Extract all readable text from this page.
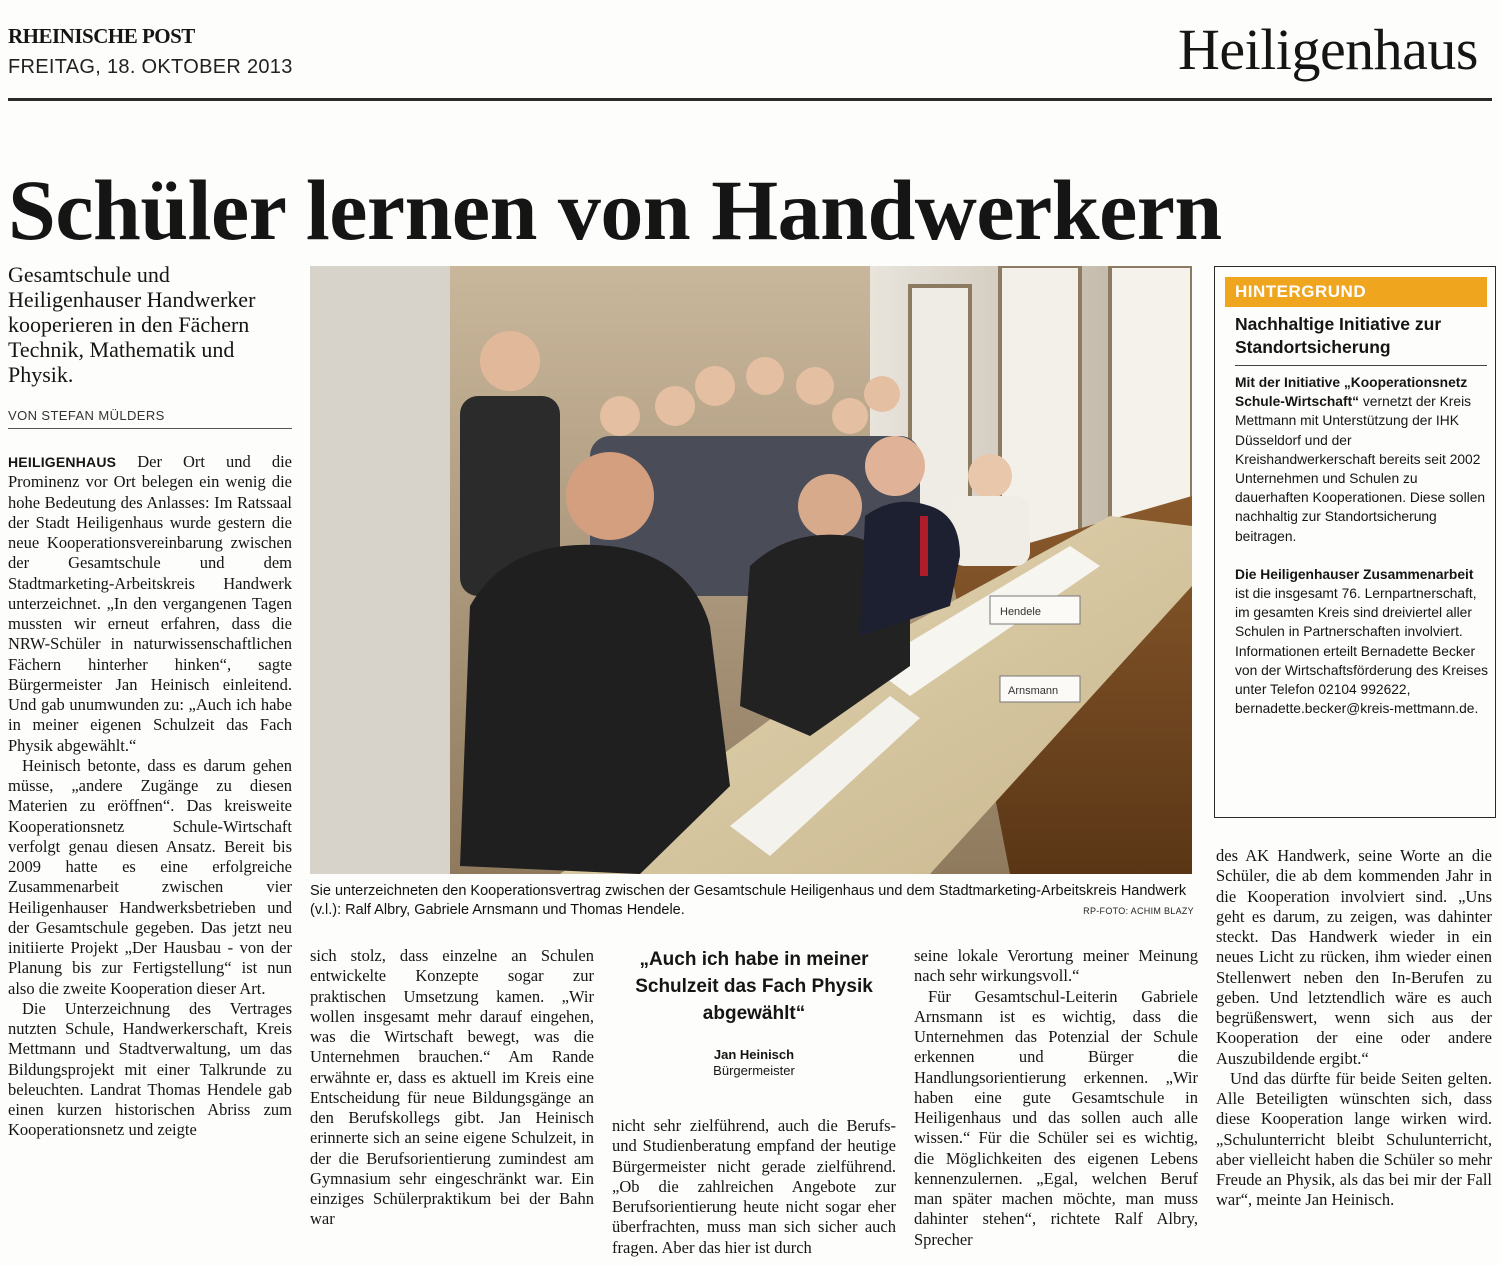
RHEINISCHE POST
FREITAG, 18. OKTOBER 2013	Heiligenhaus
Schüler lernen von Handwerkern
Gesamtschule und Heiligenhauser Handwerker kooperieren in den Fächern Technik, Mathematik und Physik.
VON STEFAN MÜLDERS

HEILIGENHAUS Der Ort und die Prominenz vor Ort belegen ein wenig die hohe Bedeutung des Anlasses: Im Ratssaal der Stadt Heiligenhaus wurde gestern die neue Kooperationsvereinbarung zwischen der Gesamtschule und dem Stadtmarketing-Arbeitskreis Handwerk unterzeichnet. „In den vergangenen Tagen mussten wir erneut erfahren, dass die NRW-Schüler in naturwissenschaftlichen Fächern hinterher hinken“, sagte Bürgermeister Jan Heinisch einleitend. Und gab unumwunden zu: „Auch ich habe in meiner eigenen Schulzeit das Fach Physik abgewählt.“

Heinisch betonte, dass es darum gehen müsse, „andere Zugänge zu diesen Materien zu eröffnen“. Das kreisweite Kooperationsnetz Schule-Wirtschaft verfolgt genau diesen Ansatz. Bereit bis 2009 hatte es eine erfolgreiche Zusammenarbeit zwischen vier Heiligenhauser Handwerksbetrieben und der Gesamtschule gegeben. Das jetzt neu initiierte Projekt „Der Hausbau - von der Planung bis zur Fertigstellung“ ist nun also die zweite Kooperation dieser Art.

Die Unterzeichnung des Vertrages nutzten Schule, Handwerkerschaft, Kreis Mettmann und Stadtverwaltung, um das Bildungsprojekt mit einer Talkrunde zu beleuchten. Landrat Thomas Hendele gab einen kurzen historischen Abriss zum Kooperationsnetz und zeigte

Hendele
Arnsmann
Sie unterzeichneten den Kooperationsvertrag zwischen der Gesamtschule Heiligenhaus und dem Stadtmarketing-Arbeitskreis Handwerk (v.l.): Ralf Albry, Gabriele Arnsmann und Thomas Hendele.	RP-FOTO: ACHIM BLAZY
HINTERGRUND
Nachhaltige Initiative zur Standortsicherung

Mit der Initiative „Kooperationsnetz Schule-Wirtschaft“ vernetzt der Kreis Mettmann mit Unterstützung der IHK Düsseldorf und der Kreishandwerkerschaft bereits seit 2002 Unternehmen und Schulen zu dauerhaften Kooperationen. Diese sollen nachhaltig zur Standortsicherung beitragen.

Die Heiligenhauser Zusammenarbeit ist die insgesamt 76. Lernpartnerschaft, im gesamten Kreis sind dreiviertel aller Schulen in Partnerschaften involviert. Informationen erteilt Bernadette Becker von der Wirtschaftsförderung des Kreises unter Telefon 02104 992622, bernadette.becker@kreis-mettmann.de.

sich stolz, dass einzelne an Schulen entwickelte Konzepte sogar zur praktischen Umsetzung kamen. „Wir wollen insgesamt mehr darauf eingehen, was die Wirtschaft bewegt, was die Unternehmen brauchen.“ Am Rande erwähnte er, dass es aktuell im Kreis eine Entscheidung für neue Bildungsgänge an den Berufskollegs gibt. Jan Heinisch erinnerte sich an seine eigene Schulzeit, in der die Berufsorientierung zumindest am Gymnasium sehr eingeschränkt war. Ein einziges Schülerpraktikum bei der Bahn war

„Auch ich habe in meiner Schulzeit das Fach Physik abgewählt“
Jan Heinisch
Bürgermeister

nicht sehr zielführend, auch die Berufs- und Studienberatung empfand der heutige Bürgermeister nicht gerade zielführend. „Ob die zahlreichen Angebote zur Berufsorientierung heute nicht sogar eher überfrachten, muss man sich sicher auch fragen. Aber das hier ist durch

seine lokale Verortung meiner Meinung nach sehr wirkungsvoll.“

Für Gesamtschul-Leiterin Gabriele Arnsmann ist es wichtig, dass die Unternehmen das Potenzial der Schule erkennen und Bürger die Handlungsorientierung erkennen. „Wir haben eine gute Gesamtschule in Heiligenhaus und das sollen auch alle wissen.“ Für die Schüler sei es wichtig, die Möglichkeiten des eigenen Lebens kennenzulernen. „Egal, welchen Beruf man später machen möchte, man muss dahinter stehen“, richtete Ralf Albry, Sprecher

des AK Handwerk, seine Worte an die Schüler, die ab dem kommenden Jahr in die Kooperation involviert sind. „Uns geht es darum, zu zeigen, was dahinter steckt. Das Handwerk wieder in ein neues Licht zu rücken, ihm wieder einen Stellenwert neben den In-Berufen zu geben. Und letztendlich wäre es auch begrüßenswert, wenn sich aus der Kooperation der eine oder andere Auszubildende ergibt.“

Und das dürfte für beide Seiten gelten. Alle Beteiligten wünschten sich, dass diese Kooperation lange wirken wird. „Schulunterricht bleibt Schulunterricht, aber vielleicht haben die Schüler so mehr Freude an Physik, als das bei mir der Fall war“, meinte Jan Heinisch.
